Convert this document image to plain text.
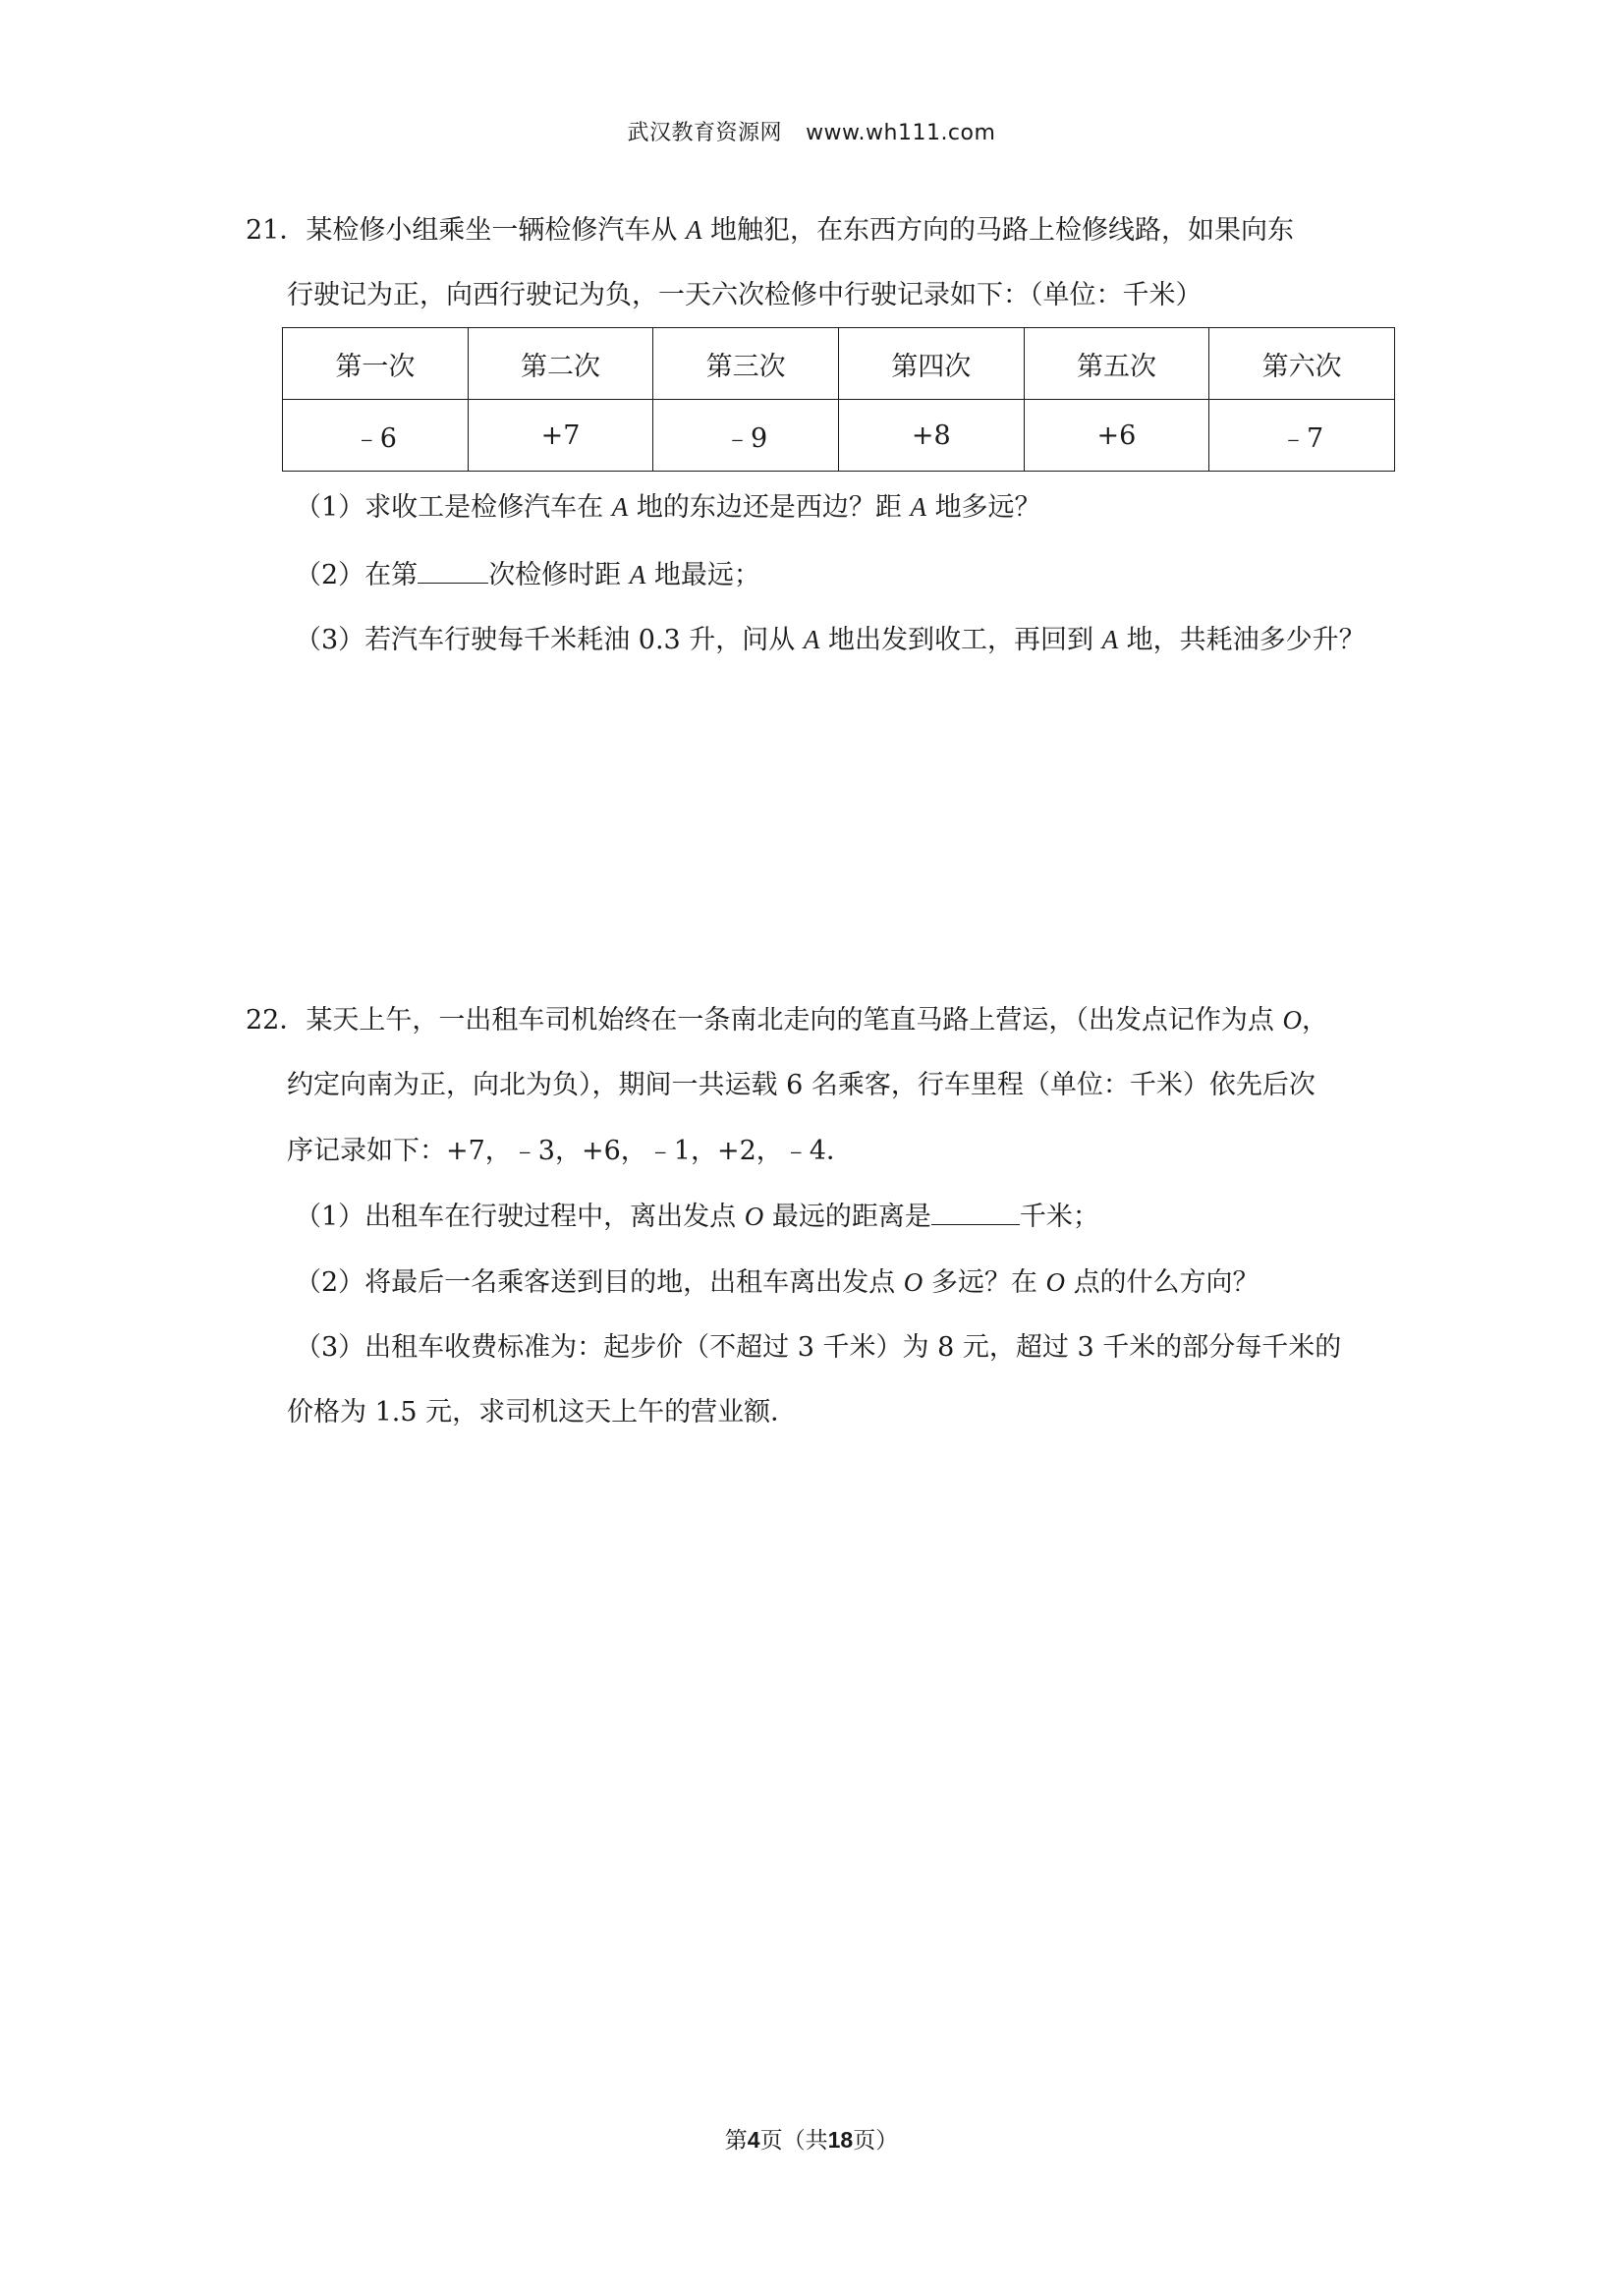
武汉教育资源网 www.wh111.com
21．某检修小组乘坐一辆检修汽车从 A 地触犯，在东西方向的马路上检修线路，如果向东
行驶记为正，向西行驶记为负，一天六次检修中行驶记录如下：（单位：千米）
第一次	第二次	第三次	第四次	第五次	第六次
﹣6	+7	﹣9	+8	+6	﹣7
（1）求收工是检修汽车在 A 地的东边还是西边？距 A 地多远？
（2）在第	次检修时距 A 地最远；
（3）若汽车行驶每千米耗油 0.3 升，问从 A 地出发到收工，再回到 A 地，共耗油多少升？
22．某天上午，一出租车司机始终在一条南北走向的笔直马路上营运，（出发点记作为点 O，
约定向南为正，向北为负），期间一共运载 6 名乘客，行车里程（单位：千米）依先后次
序记录如下：+7，﹣3，+6，﹣1，+2，﹣4．
（1）出租车在行驶过程中，离出发点 O 最远的距离是	千米；
（2）将最后一名乘客送到目的地，出租车离出发点 O 多远？在 O 点的什么方向？
（3）出租车收费标准为：起步价（不超过 3 千米）为 8 元，超过 3 千米的部分每千米的
价格为 1.5 元，求司机这天上午的营业额．
第4页（共18页）
